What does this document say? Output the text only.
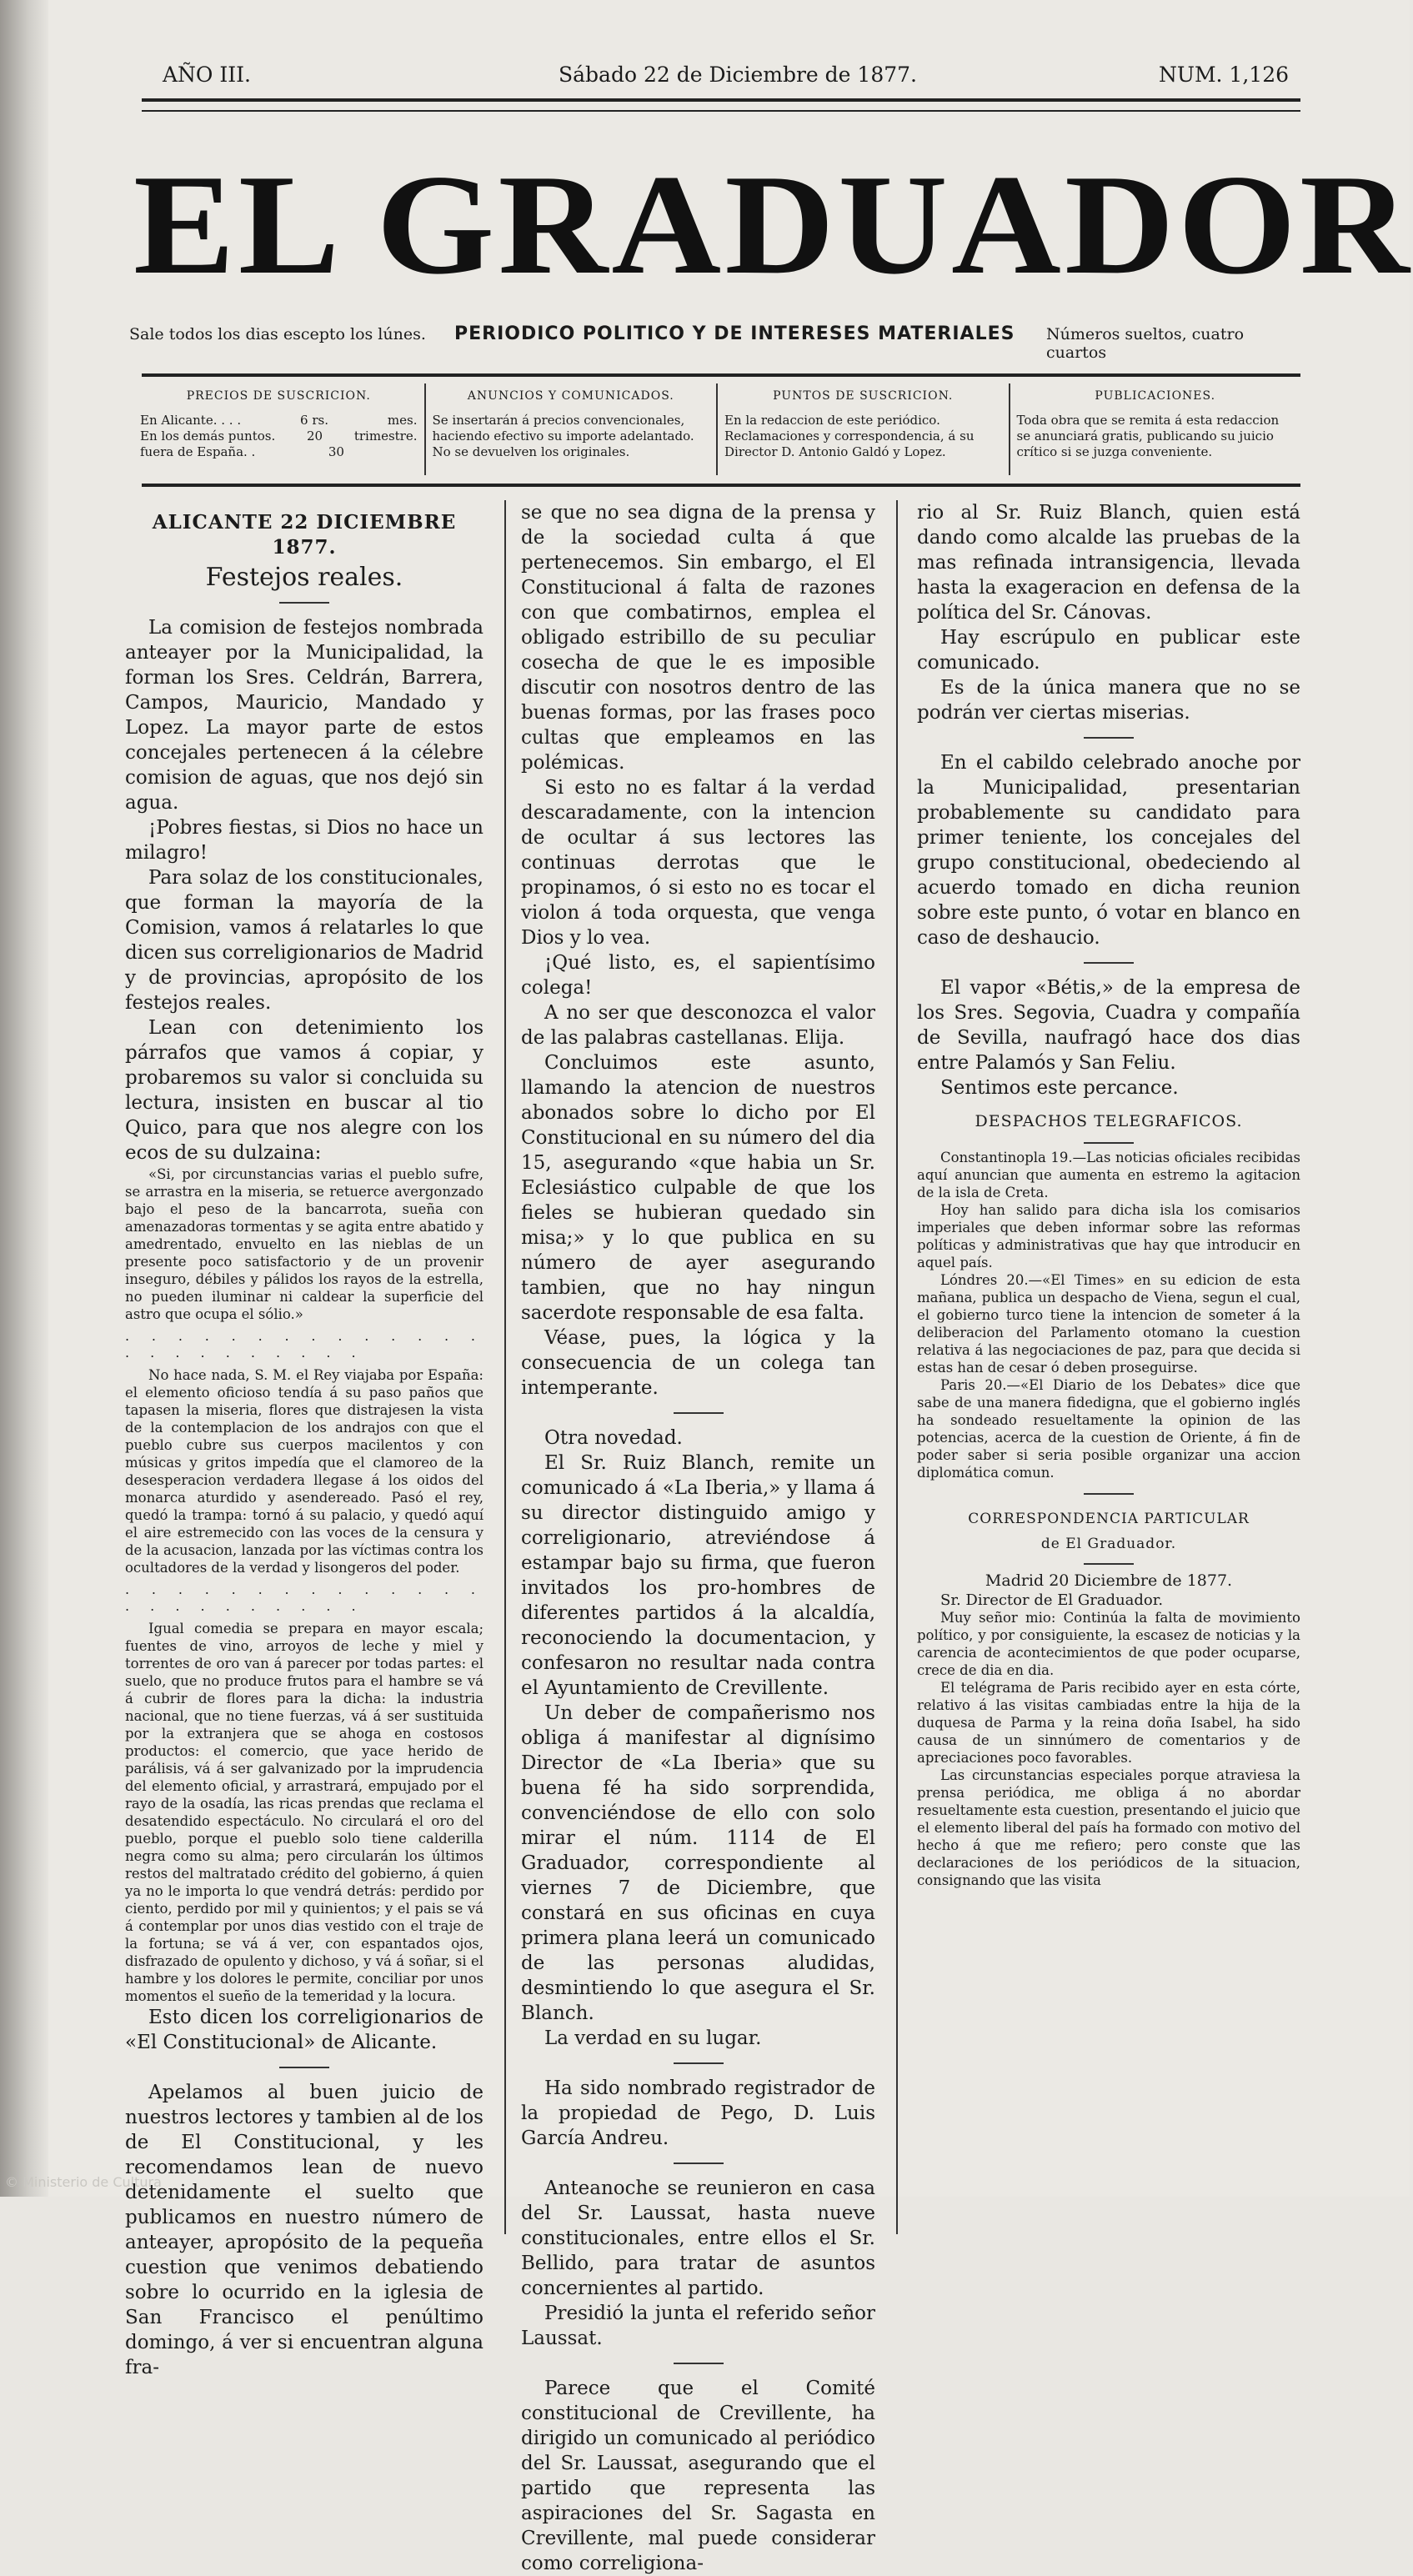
AÑO III.	Sábado 22 de Diciembre de 1877.	NUM. 1,126
EL GRADUADOR
Sale todos los dias escepto los lúnes. PERIODICO POLITICO Y DE INTERESES MATERIALES Números sueltos, cuatro cuartos
PRECIOS DE SUSCRICION.
En Alicante. . . .	6 rs.	mes.
En los demás puntos.	20	trimestre.
fuera de España. .	30
ANUNCIOS Y COMUNICADOS.
Se insertarán á precios convencionales, haciendo efectivo su importe adelantado. No se devuelven los originales.
PUNTOS DE SUSCRICION.
En la redaccion de este periódico. Reclamaciones y correspondencia, á su Director D. Antonio Galdó y Lopez.
PUBLICACIONES.
Toda obra que se remita á esta redaccion se anunciará gratis, publicando su juicio crítico si se juzga conveniente.
ALICANTE 22 DICIEMBRE 1877.
Festejos reales.

La comision de festejos nombrada anteayer por la Municipalidad, la forman los Sres. Celdrán, Barrera, Campos, Mauricio, Mandado y Lopez. La mayor parte de estos concejales pertenecen á la célebre comision de aguas, que nos dejó sin agua.

¡Pobres fiestas, si Dios no hace un milagro!

Para solaz de los constitucionales, que forman la mayoría de la Comision, vamos á relatarles lo que dicen sus correligionarios de Madrid y de provincias, apropósito de los festejos reales.

Lean con detenimiento los párrafos que vamos á copiar, y probaremos su valor si concluida su lectura, insisten en buscar al tio Quico, para que nos alegre con los ecos de su dulzaina:

«Si, por circunstancias varias el pueblo sufre, se arrastra en la miseria, se retuerce avergonzado bajo el peso de la bancarrota, sueña con amenazadoras tormentas y se agita entre abatido y amedrentado, envuelto en las nieblas de un presente poco satisfactorio y de un provenir inseguro, débiles y pálidos los rayos de la estrella, no pueden iluminar ni caldear la superficie del astro que ocupa el sólio.»

. . . . . . . . . . . . . . . . . . . . . . . .

No hace nada, S. M. el Rey viajaba por España: el elemento oficioso tendía á su paso paños que tapasen la miseria, flores que distrajesen la vista de la contemplacion de los andrajos con que el pueblo cubre sus cuerpos macilentos y con músicas y gritos impedía que el clamoreo de la desesperacion verdadera llegase á los oidos del monarca aturdido y asendereado. Pasó el rey, quedó la trampa: tornó á su palacio, y quedó aquí el aire estremecido con las voces de la censura y de la acusacion, lanzada por las víctimas contra los ocultadores de la verdad y lisongeros del poder.

. . . . . . . . . . . . . . . . . . . . . . . .

Igual comedia se prepara en mayor escala; fuentes de vino, arroyos de leche y miel y torrentes de oro van á parecer por todas partes: el suelo, que no produce frutos para el hambre se vá á cubrir de flores para la dicha: la industria nacional, que no tiene fuerzas, vá á ser sustituida por la extranjera que se ahoga en costosos productos: el comercio, que yace herido de parálisis, vá á ser galvanizado por la imprudencia del elemento oficial, y arrastrará, empujado por el rayo de la osadía, las ricas prendas que reclama el desatendido espectáculo. No circulará el oro del pueblo, porque el pueblo solo tiene calderilla negra como su alma; pero circularán los últimos restos del maltratado crédito del gobierno, á quien ya no le importa lo que vendrá detrás: perdido por ciento, perdido por mil y quinientos; y el pais se vá á contemplar por unos dias vestido con el traje de la fortuna; se vá á ver, con espantados ojos, disfrazado de opulento y dichoso, y vá á soñar, si el hambre y los dolores le permite, conciliar por unos momentos el sueño de la temeridad y la locura.

Esto dicen los correligionarios de «El Constitucional» de Alicante.

Apelamos al buen juicio de nuestros lectores y tambien al de los de El Constitucional, y les recomendamos lean de nuevo detenidamente el suelto que publicamos en nuestro número de anteayer, apropósito de la pequeña cuestion que venimos debatiendo sobre lo ocurrido en la iglesia de San Francisco el penúltimo domingo, á ver si encuentran alguna fra-

se que no sea digna de la prensa y de la sociedad culta á que pertenecemos. Sin embargo, el El Constitucional á falta de razones con que combatirnos, emplea el obligado estribillo de su peculiar cosecha de que le es imposible discutir con nosotros dentro de las buenas formas, por las frases poco cultas que empleamos en las polémicas.

Si esto no es faltar á la verdad descaradamente, con la intencion de ocultar á sus lectores las continuas derrotas que le propinamos, ó si esto no es tocar el violon á toda orquesta, que venga Dios y lo vea.

¡Qué listo, es, el sapientísimo colega!

A no ser que desconozca el valor de las palabras castellanas. Elija.

Concluimos este asunto, llamando la atencion de nuestros abonados sobre lo dicho por El Constitucional en su número del dia 15, asegurando «que habia un Sr. Eclesiástico culpable de que los fieles se hubieran quedado sin misa;» y lo que publica en su número de ayer asegurando tambien, que no hay ningun sacerdote responsable de esa falta.

Véase, pues, la lógica y la consecuencia de un colega tan intemperante.

Otra novedad.

El Sr. Ruiz Blanch, remite un comunicado á «La Iberia,» y llama á su director distinguido amigo y correligionario, atreviéndose á estampar bajo su firma, que fueron invitados los pro-hombres de diferentes partidos á la alcaldía, reconociendo la documentacion, y confesaron no resultar nada contra el Ayuntamiento de Crevillente.

Un deber de compañerismo nos obliga á manifestar al dignísimo Director de «La Iberia» que su buena fé ha sido sorprendida, convenciéndose de ello con solo mirar el núm. 1114 de El Graduador, correspondiente al viernes 7 de Diciembre, que constará en sus oficinas en cuya primera plana leerá un comunicado de las personas aludidas, desmintiendo lo que asegura el Sr. Blanch.

La verdad en su lugar.

Ha sido nombrado registrador de la propiedad de Pego, D. Luis García Andreu.

Anteanoche se reunieron en casa del Sr. Laussat, hasta nueve constitucionales, entre ellos el Sr. Bellido, para tratar de asuntos concernientes al partido.

Presidió la junta el referido señor Laussat.

Parece que el Comité constitucional de Crevillente, ha dirigido un comunicado al periódico del Sr. Laussat, asegurando que el partido que representa las aspiraciones del Sr. Sagasta en Crevillente, mal puede considerar como correligiona-

rio al Sr. Ruiz Blanch, quien está dando como alcalde las pruebas de la mas refinada intransigencia, llevada hasta la exageracion en defensa de la política del Sr. Cánovas.

Hay escrúpulo en publicar este comunicado.

Es de la única manera que no se podrán ver ciertas miserias.

En el cabildo celebrado anoche por la Municipalidad, presentarian probablemente su candidato para primer teniente, los concejales del grupo constitucional, obedeciendo al acuerdo tomado en dicha reunion sobre este punto, ó votar en blanco en caso de deshaucio.

El vapor «Bétis,» de la empresa de los Sres. Segovia, Cuadra y compañía de Sevilla, naufragó hace dos dias entre Palamós y San Feliu.

Sentimos este percance.

DESPACHOS TELEGRAFICOS.

Constantinopla 19.—Las noticias oficiales recibidas aquí anuncian que aumenta en estremo la agitacion de la isla de Creta.

Hoy han salido para dicha isla los comisarios imperiales que deben informar sobre las reformas políticas y administrativas que hay que introducir en aquel país.

Lóndres 20.—«El Times» en su edicion de esta mañana, publica un despacho de Viena, segun el cual, el gobierno turco tiene la intencion de someter á la deliberacion del Parlamento otomano la cuestion relativa á las negociaciones de paz, para que decida si estas han de cesar ó deben proseguirse.

Paris 20.—«El Diario de los Debates» dice que sabe de una manera fidedigna, que el gobierno inglés ha sondeado resueltamente la opinion de las potencias, acerca de la cuestion de Oriente, á fin de poder saber si seria posible organizar una accion diplomática comun.

CORRESPONDENCIA PARTICULAR
de El Graduador.

Madrid 20 Diciembre de 1877.

Sr. Director de El Graduador.

Muy señor mio: Continúa la falta de movimiento político, y por consiguiente, la escasez de noticias y la carencia de acontecimientos de que poder ocuparse, crece de dia en dia.

El telégrama de Paris recibido ayer en esta córte, relativo á las visitas cambiadas entre la hija de la duquesa de Parma y la reina doña Isabel, ha sido causa de un sinnúmero de comentarios y de apreciaciones poco favorables.

Las circunstancias especiales porque atraviesa la prensa periódica, me obliga á no abordar resueltamente esta cuestion, presentando el juicio que el elemento liberal del país ha formado con motivo del hecho á que me refiero; pero conste que las declaraciones de los periódicos de la situacion, consignando que las visita

© Ministerio de Cultura
